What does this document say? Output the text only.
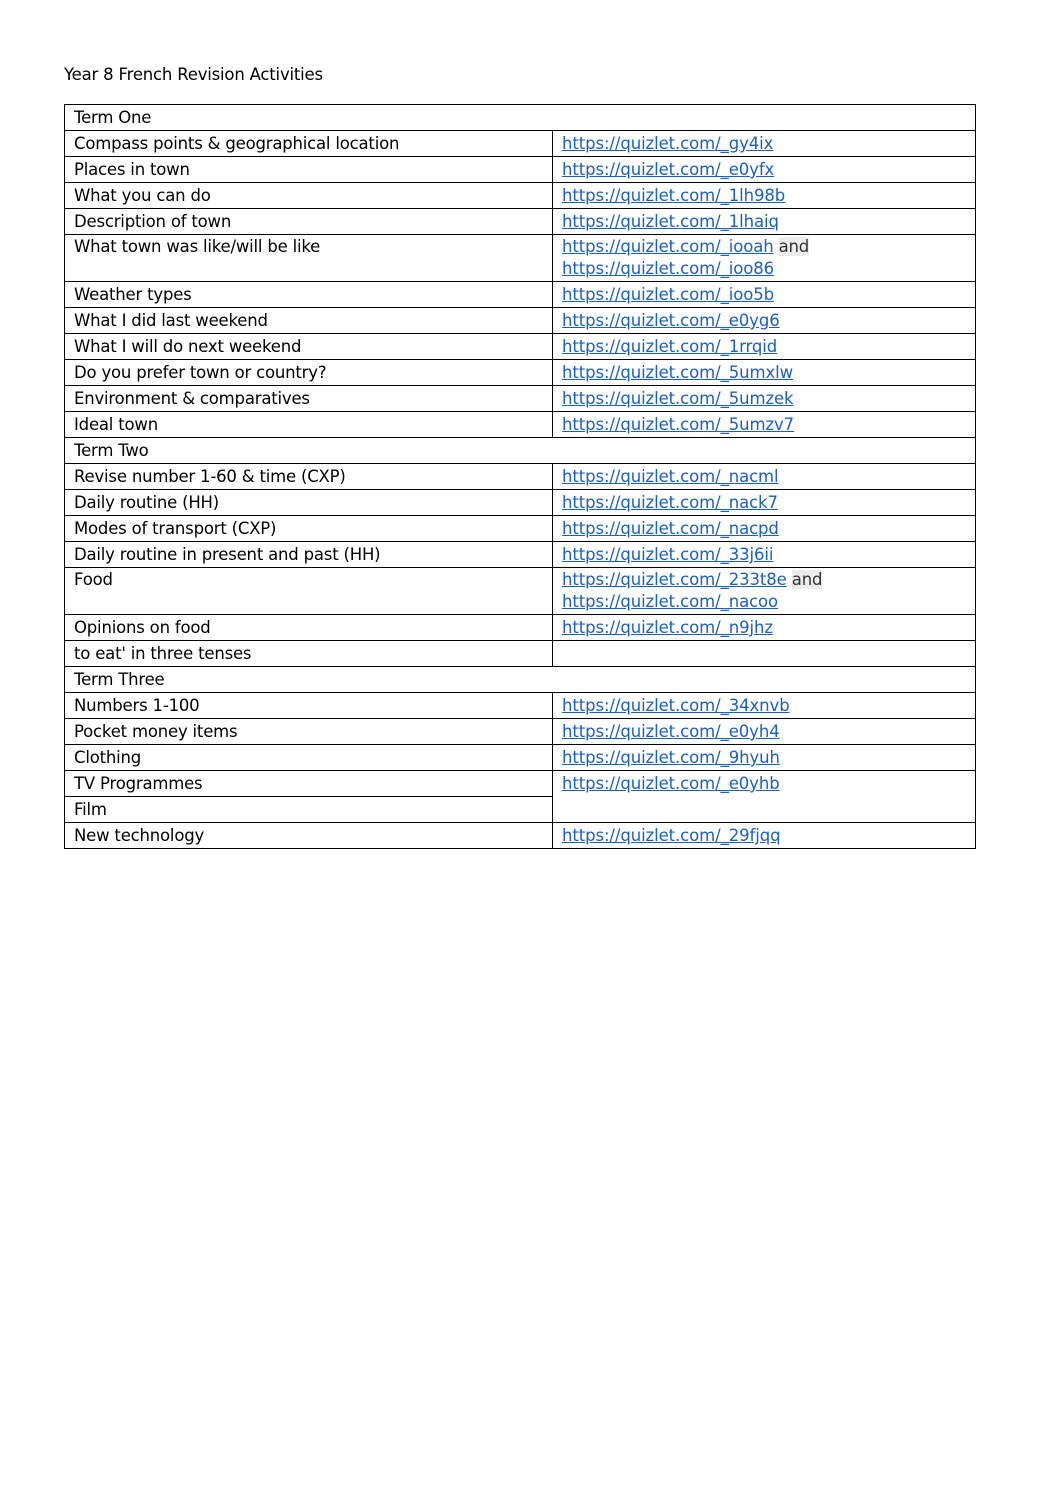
Year 8 French Revision Activities
Term One	
Compass points & geographical location	https://quizlet.com/_gy4ix
Places in town	https://quizlet.com/_e0yfx
What you can do	https://quizlet.com/_1lh98b
Description of town	https://quizlet.com/_1lhaiq
What town was like/will be like	https://quizlet.com/_iooah and
https://quizlet.com/_ioo86
Weather types	https://quizlet.com/_ioo5b
What I did last weekend	https://quizlet.com/_e0yg6
What I will do next weekend	https://quizlet.com/_1rrqid
Do you prefer town or country?	https://quizlet.com/_5umxlw
Environment & comparatives	https://quizlet.com/_5umzek
Ideal town	https://quizlet.com/_5umzv7
Term Two	
Revise number 1-60 & time (CXP)	https://quizlet.com/_nacml
Daily routine (HH)	https://quizlet.com/_nack7
Modes of transport (CXP)	https://quizlet.com/_nacpd
Daily routine in present and past (HH)	https://quizlet.com/_33j6ii
Food	https://quizlet.com/_233t8e and
https://quizlet.com/_nacoo
Opinions on food	https://quizlet.com/_n9jhz
to eat' in three tenses	
Term Three	
Numbers 1-100	https://quizlet.com/_34xnvb
Pocket money items	https://quizlet.com/_e0yh4
Clothing	https://quizlet.com/_9hyuh
TV Programmes	https://quizlet.com/_e0yhb
Film	
New technology	https://quizlet.com/_29fjqq
